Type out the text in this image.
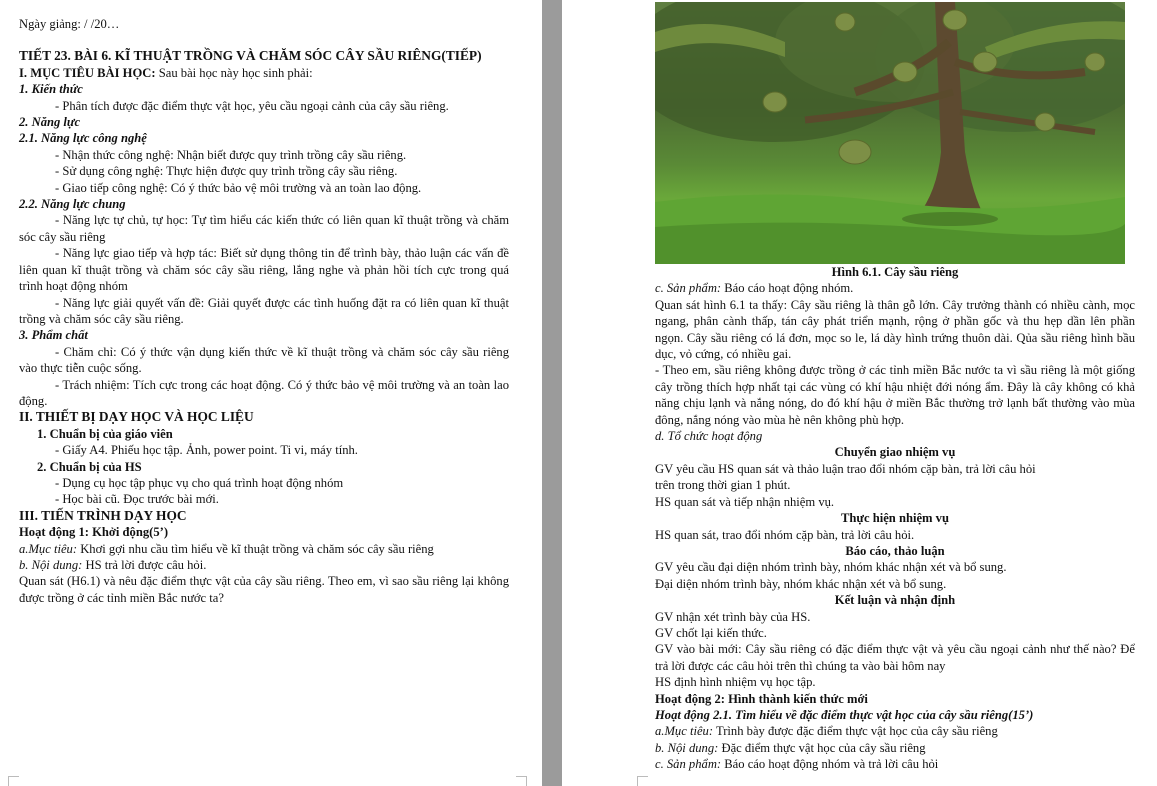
Ngày giảng: / /20…

TIẾT 23. BÀI 6. KĨ THUẬT TRỒNG VÀ CHĂM SÓC CÂY SẦU RIÊNG(TIẾP)

I. MỤC TIÊU BÀI HỌC: Sau bài học này học sinh phải:

1. Kiến thức

- Phân tích được đặc điểm thực vật học, yêu cầu ngoại cảnh của cây sầu riêng.

2. Năng lực

2.1. Năng lực công nghệ

- Nhận thức công nghệ: Nhận biết được quy trình trồng cây sầu riêng.

- Sử dụng công nghệ: Thực hiện được quy trình trồng cây sầu riêng.

- Giao tiếp công nghệ: Có ý thức bảo vệ môi trường và an toàn lao động.

2.2. Năng lực chung

- Năng lực tự chủ, tự học: Tự tìm hiểu các kiến thức có liên quan kĩ thuật trồng và chăm sóc cây sầu riêng

- Năng lực giao tiếp và hợp tác: Biết sử dụng thông tin để trình bày, thảo luận các vấn đề liên quan kĩ thuật trồng và chăm sóc cây sầu riêng, lắng nghe và phản hồi tích cực trong quá trình hoạt động nhóm

- Năng lực giải quyết vấn đề: Giải quyết được các tình huống đặt ra có liên quan kĩ thuật trồng và chăm sóc cây sầu riêng.

3. Phẩm chất

- Chăm chỉ: Có ý thức vận dụng kiến thức về kĩ thuật trồng và chăm sóc cây sầu riêng vào thực tiễn cuộc sống.

- Trách nhiệm: Tích cực trong các hoạt động. Có ý thức bảo vệ môi trường và an toàn lao động.

II. THIẾT BỊ DẠY HỌC VÀ HỌC LIỆU

1. Chuẩn bị của giáo viên

- Giấy A4. Phiếu học tập. Ảnh, power point. Ti vi, máy tính.

2. Chuẩn bị của HS

- Dụng cụ học tập phục vụ cho quá trình hoạt động nhóm

- Học bài cũ. Đọc trước bài mới.

III. TIẾN TRÌNH DẠY HỌC

Hoạt động 1: Khởi động(5’)

a.Mục tiêu: Khơi gợi nhu cầu tìm hiểu về kĩ thuật trồng và chăm sóc cây sầu riêng

b. Nội dung: HS trả lời được câu hỏi.

Quan sát (H6.1) và nêu đặc điểm thực vật của cây sầu riêng. Theo em, vì sao sầu riêng lại không được trồng ở các tỉnh miền Bắc nước ta?

Hình 6.1. Cây sầu riêng

c. Sản phẩm: Báo cáo hoạt động nhóm.

Quan sát hình 6.1 ta thấy: Cây sầu riêng là thân gỗ lớn. Cây trưởng thành có nhiều cành, mọc ngang, phân cành thấp, tán cây phát triển mạnh, rộng ở phần gốc và thu hẹp dần lên phần ngọn. Cây sầu riêng có lá đơn, mọc so le, lá dày hình trứng thuôn dài. Qủa sầu riêng hình bầu dục, vỏ cứng, có nhiều gai.

- Theo em, sầu riêng không được trồng ở các tỉnh miền Bắc nước ta vì sầu riêng là một giống cây trồng thích hợp nhất tại các vùng có khí hậu nhiệt đới nóng ẩm. Đây là cây không có khả năng chịu lạnh và nắng nóng, do đó khí hậu ở miền Bắc thường trở lạnh bất thường vào mùa đông, nắng nóng vào mùa hè nên không phù hợp.

d. Tổ chức hoạt động

Chuyển giao nhiệm vụ

GV yêu cầu HS quan sát và thảo luận trao đổi nhóm cặp bàn, trả lời câu hỏi

trên trong thời gian 1 phút.

HS quan sát và tiếp nhận nhiệm vụ.

Thực hiện nhiệm vụ

HS quan sát, trao đổi nhóm cặp bàn, trả lời câu hỏi.

Báo cáo, thảo luận

GV yêu cầu đại diện nhóm trình bày, nhóm khác nhận xét và bổ sung.

Đại diện nhóm trình bày, nhóm khác nhận xét và bổ sung.

Kết luận và nhận định

GV nhận xét trình bày của HS.

GV chốt lại kiến thức.

GV vào bài mới: Cây sầu riêng có đặc điểm thực vật và yêu cầu ngoại cảnh như thế nào? Để trả lời được các câu hỏi trên thì chúng ta vào bài hôm nay

HS định hình nhiệm vụ học tập.

Hoạt động 2: Hình thành kiến thức mới

Hoạt động 2.1. Tìm hiểu về đặc điểm thực vật học của cây sầu riêng(15’)

a.Mục tiêu: Trình bày được đặc điểm thực vật học của cây sầu riêng

b. Nội dung: Đặc điểm thực vật học của cây sầu riêng

c. Sản phẩm: Báo cáo hoạt động nhóm và trả lời câu hỏi
